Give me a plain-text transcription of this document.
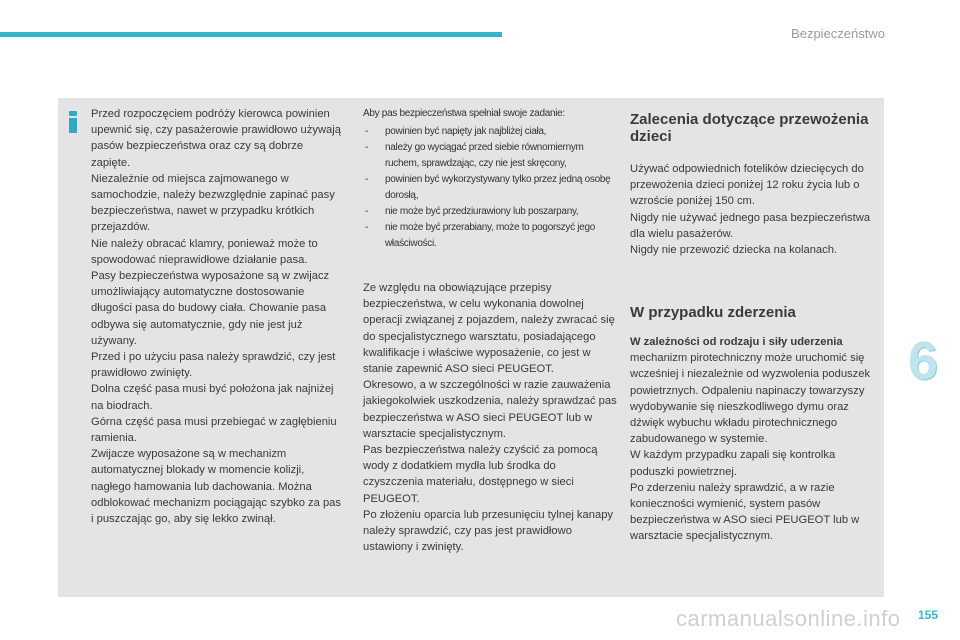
Bezpieczeństwo
Przed rozpoczęciem podróży kierowca powinien upewnić się, czy pasażerowie prawidłowo używają pasów bezpieczeństwa oraz czy są dobrze zapięte.
Niezależnie od miejsca zajmowanego w samochodzie, należy bezwzględnie zapinać pasy bezpieczeństwa, nawet w przypadku krótkich przejazdów.
Nie należy obracać klamry, ponieważ może to spowodować nieprawidłowe działanie pasa.
Pasy bezpieczeństwa wyposażone są w zwijacz umożliwiający automatyczne dostosowanie długości pasa do budowy ciała. Chowanie pasa odbywa się automatycznie, gdy nie jest już używany.
Przed i po użyciu pasa należy sprawdzić, czy jest prawidłowo zwinięty.
Dolna część pasa musi być położona jak najniżej na biodrach.
Górna część pasa musi przebiegać w zagłębieniu ramienia.
Zwijacze wyposażone są w mechanizm automatycznej blokady w momencie kolizji, nagłego hamowania lub dachowania. Można odblokować mechanizm pociągając szybko za pas i puszczając go, aby się lekko zwinął.

Aby pas bezpieczeństwa spełniał swoje zadanie:

- powinien być napięty jak najbliżej ciała,
- należy go wyciągać przed siebie równomiernym ruchem, sprawdzając, czy nie jest skręcony,
- powinien być wykorzystywany tylko przez jedną osobę dorosłą,
- nie może być przedziurawiony lub poszarpany,
- nie może być przerabiany, może to pogorszyć jego właściwości.
Ze względu na obowiązujące przepisy bezpieczeństwa, w celu wykonania dowolnej operacji związanej z pojazdem, należy zwracać się do specjalistycznego warsztatu, posiadającego kwalifikacje i właściwe wyposażenie, co jest w stanie zapewnić ASO sieci PEUGEOT.
Okresowo, a w szczególności w razie zauważenia jakiegokolwiek uszkodzenia, należy sprawdzać pas bezpieczeństwa w ASO sieci PEUGEOT lub w warsztacie specjalistycznym.
Pas bezpieczeństwa należy czyścić za pomocą wody z dodatkiem mydła lub środka do czyszczenia materiału, dostępnego w sieci PEUGEOT.
Po złożeniu oparcia lub przesunięciu tylnej kanapy należy sprawdzić, czy pas jest prawidłowo ustawiony i zwinięty.
Zalecenia dotyczące przewożenia dzieci
Używać odpowiednich fotelików dziecięcych do przewożenia dzieci poniżej 12 roku życia lub o wzroście poniżej 150 cm.
Nigdy nie używać jednego pasa bezpieczeństwa dla wielu pasażerów.
Nigdy nie przewozić dziecka na kolanach.
W przypadku zderzenia
W zależności od rodzaju i siły uderzenia
mechanizm pirotechniczny może uruchomić się wcześniej i niezależnie od wyzwolenia poduszek powietrznych. Odpaleniu napinaczy towarzyszy wydobywanie się nieszkodliwego dymu oraz dźwięk wybuchu wkładu pirotechnicznego zabudowanego w systemie.
W każdym przypadku zapali się kontrolka poduszki powietrznej.
Po zderzeniu należy sprawdzić, a w razie konieczności wymienić, system pasów bezpieczeństwa w ASO sieci PEUGEOT lub w warsztacie specjalistycznym.
6
carmanualsonline.info 155
